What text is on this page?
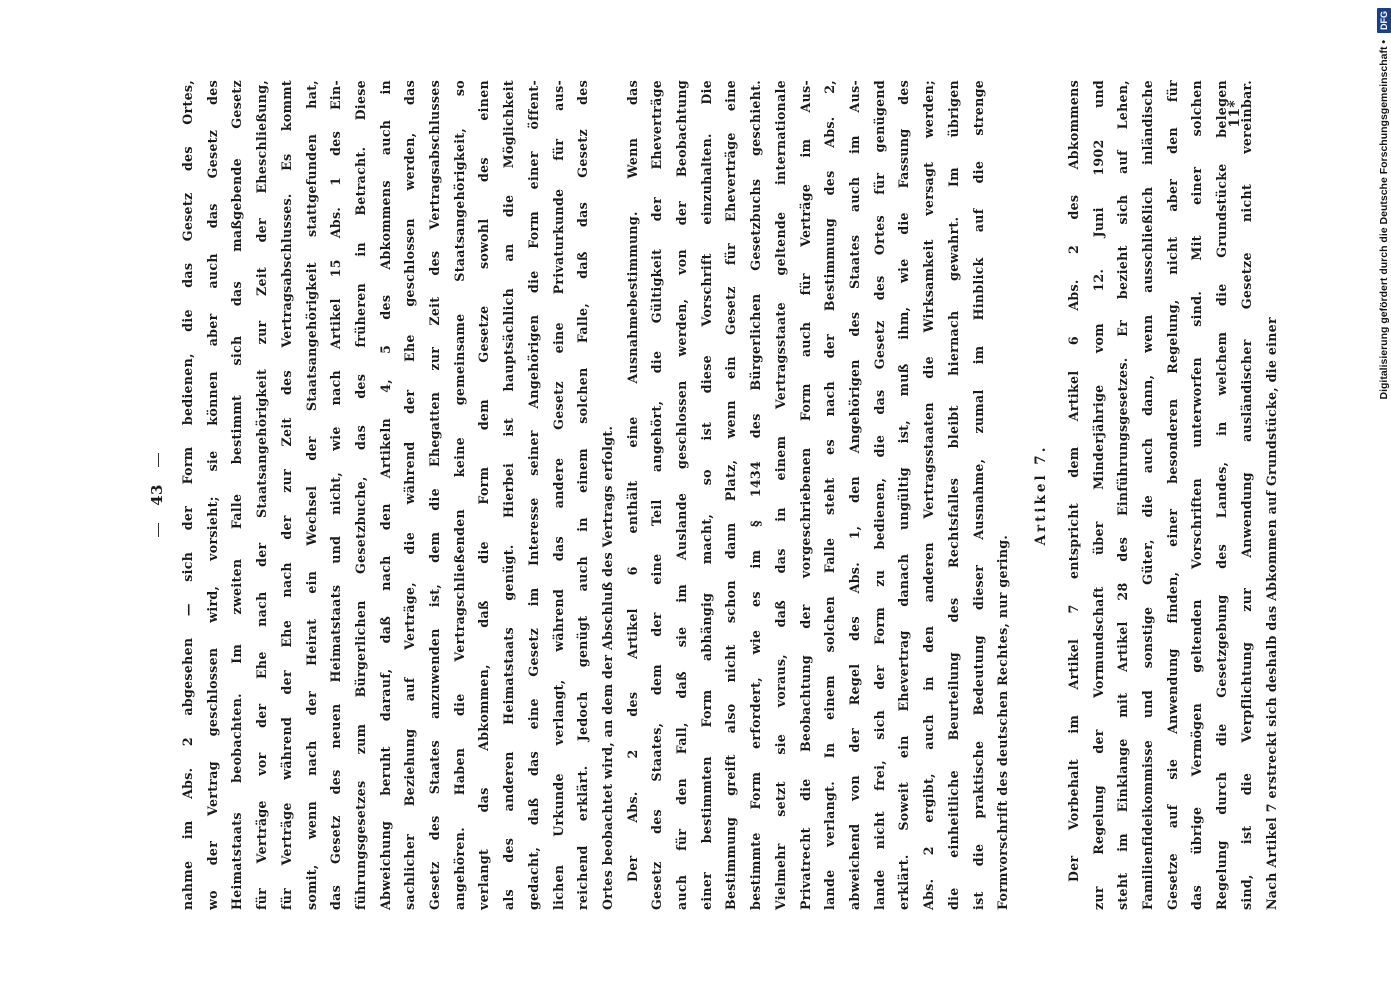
43	nahme im Abs. 2 abgesehen — sich der Form bedienen, die das Gesetz des Ortes, wo der Vertrag geschlossen wird, vorsieht; sie können aber auch das Gesetz des Heimatstaats beobachten. Im zweiten Falle bestimmt sich das maßgebende Gesetz für Verträge vor der Ehe nach der Staatsangehörigkeit zur Zeit der Eheschließung, für Verträge während der Ehe nach der zur Zeit des Vertragsabschlusses. Es kommt somit, wenn nach der Heirat ein Wechsel der Staatsangehörigkeit stattgefunden hat, das Gesetz des neuen Heimatstaats und nicht, wie nach Artikel 15 Abs. 1 des Ein- führungsgesetzes zum Bürgerlichen Gesetzbuche, das des früheren in Betracht. Diese Abweichung beruht darauf, daß nach den Artikeln 4, 5 des Abkommens auch in sachlicher Beziehung auf Verträge, die während der Ehe geschlossen werden, das Gesetz des Staates anzuwenden ist, dem die Ehegatten zur Zeit des Vertragsabschlusses angehören. Haben die Vertragschließenden keine gemeinsame Staatsangehörigkeit, so verlangt das Abkommen, daß die Form dem Gesetze sowohl des einen als des anderen Heimatstaats genügt. Hierbei ist hauptsächlich an die Möglichkeit gedacht, daß das eine Gesetz im Interesse seiner Angehörigen die Form einer öffent- lichen Urkunde verlangt, während das andere Gesetz eine Privaturkunde für aus- reichend erklärt. Jedoch genügt auch in einem solchen Falle, daß das Gesetz des Ortes beobachtet wird, an dem der Abschluß des Vertrags erfolgt. Der Abs. 2 des Artikel 6 enthält eine Ausnahmebestimmung. Wenn das Gesetz des Staates, dem der eine Teil angehört, die Gültigkeit der Eheverträge auch für den Fall, daß sie im Auslande geschlossen werden, von der Beobachtung einer bestimmten Form abhängig macht, so ist diese Vorschrift einzuhalten. Die Bestimmung greift also nicht schon dann Platz, wenn ein Gesetz für Eheverträge eine bestimmte Form erfordert, wie es im § 1434 des Bürgerlichen Gesetzbuchs geschieht. Vielmehr setzt sie voraus, daß das in einem Vertragsstaate geltende internationale Privatrecht die Beobachtung der vorgeschriebenen Form auch für Verträge im Aus- lande verlangt. In einem solchen Falle steht es nach der Bestimmung des Abs. 2, abweichend von der Regel des Abs. 1, den Angehörigen des Staates auch im Aus- lande nicht frei, sich der Form zu bedienen, die das Gesetz des Ortes für genügend erklärt. Soweit ein Ehevertrag danach ungültig ist, muß ihm, wie die Fassung des Abs. 2 ergibt, auch in den anderen Vertragsstaaten die Wirksamkeit versagt werden; die einheitliche Beurteilung des Rechtsfalles bleibt hiernach gewahrt. Im übrigen ist die praktische Bedeutung dieser Ausnahme, zumal im Hinblick auf die strenge Formvorschrift des deutschen Rechtes, nur gering.
Artikel 7.	Der Vorbehalt im Artikel 7 entspricht dem Artikel 6 Abs. 2 des Abkommens zur Regelung der Vormundschaft über Minderjährige vom 12. Juni 1902 und steht im Einklange mit Artikel 28 des Einführungsgesetzes. Er bezieht sich auf Lehen, Familienfideikommisse und sonstige Güter, die auch dann, wenn ausschließlich inländische Gesetze auf sie Anwendung finden, einer besonderen Regelung, nicht aber den für das übrige Vermögen geltenden Vorschriften unterworfen sind. Mit einer solchen Regelung durch die Gesetzgebung des Landes, in welchem die Grundstücke belegen sind, ist die Verpflichtung zur Anwendung ausländischer Gesetze nicht vereinbar. Nach Artikel 7 erstreckt sich deshalb das Abkommen auf Grundstücke, die einer
11*	Digitalisierung gefördert durch die Deutsche Forschungsgemeinschaft • DFG
